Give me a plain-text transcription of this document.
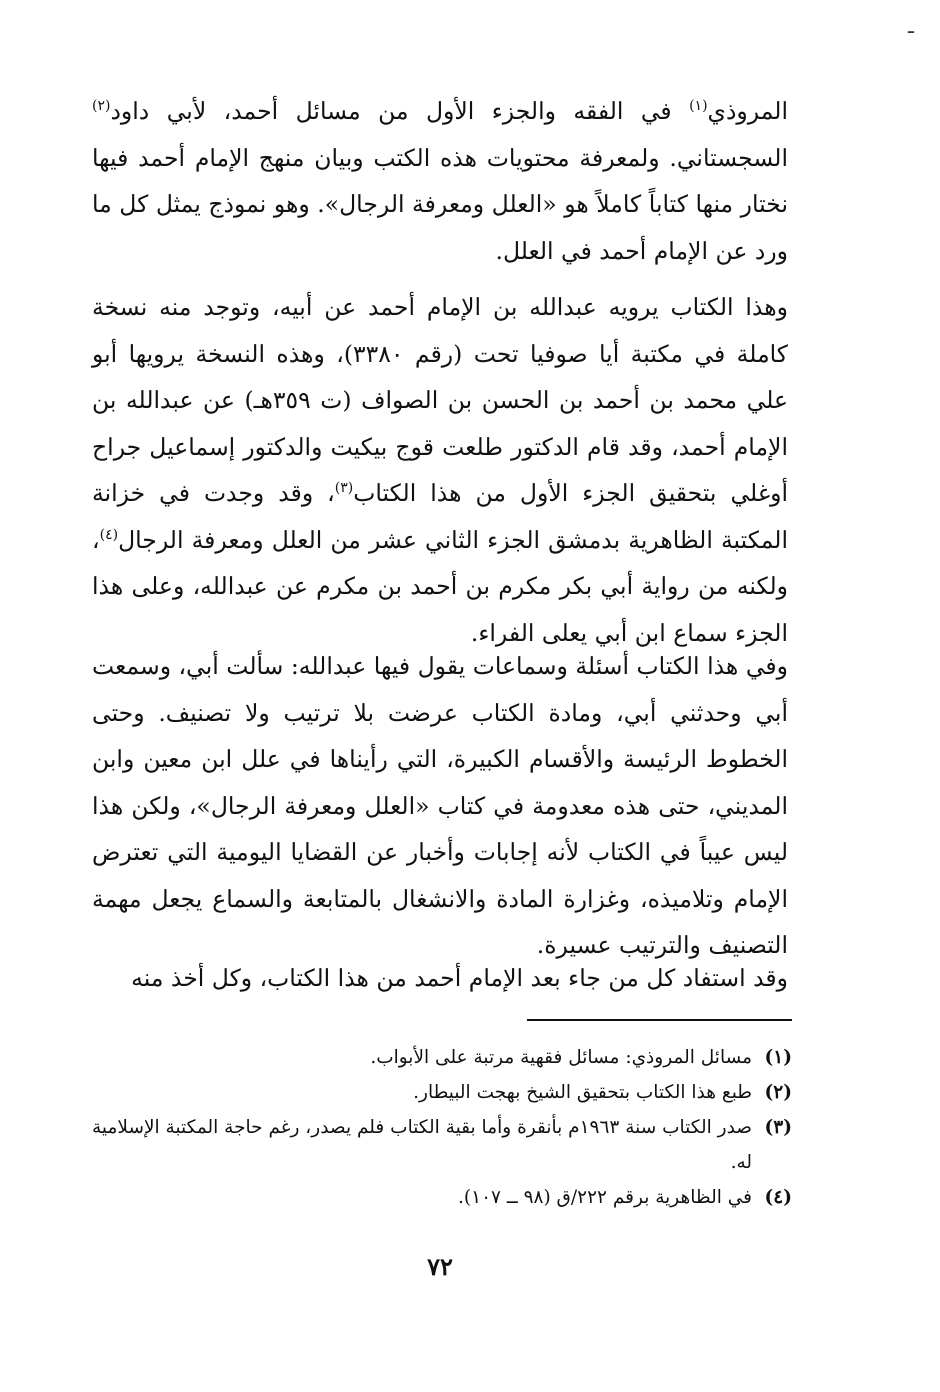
ـ

المروذي$^{(١)}$ في الفقه والجزء الأول من مسائل أحمد، لأبي داود$^{(٢)}$ السجستاني. ولمعرفة محتويات هذه الكتب وبيان منهج الإمام أحمد فيها نختار منها كتاباً كاملاً هو «العلل ومعرفة الرجال». وهو نموذج يمثل كل ما ورد عن الإمام أحمد في العلل.

وهذا الكتاب يرويه عبدالله بن الإمام أحمد عن أبيه، وتوجد منه نسخة كاملة في مكتبة أيا صوفيا تحت (رقم ٣٣٨٠)، وهذه النسخة يرويها أبو علي محمد بن أحمد بن الحسن بن الصواف (ت ٣٥٩هـ) عن عبدالله بن الإمام أحمد، وقد قام الدكتور طلعت قوج بيكيت والدكتور إسماعيل جراح أوغلي بتحقيق الجزء الأول من هذا الكتاب$^{(٣)}$، وقد وجدت في خزانة المكتبة الظاهرية بدمشق الجزء الثاني عشر من العلل ومعرفة الرجال$^{(٤)}$، ولكنه من رواية أبي بكر مكرم بن أحمد بن مكرم عن عبدالله، وعلى هذا الجزء سماع ابن أبي يعلى الفراء.

وفي هذا الكتاب أسئلة وسماعات يقول فيها عبدالله: سألت أبي، وسمعت أبي وحدثني أبي، ومادة الكتاب عرضت بلا ترتيب ولا تصنيف. وحتى الخطوط الرئيسة والأقسام الكبيرة، التي رأيناها في علل ابن معين وابن المديني، حتى هذه معدومة في كتاب «العلل ومعرفة الرجال»، ولكن هذا ليس عيباً في الكتاب لأنه إجابات وأخبار عن القضايا اليومية التي تعترض الإمام وتلاميذه، وغزارة المادة والانشغال بالمتابعة والسماع يجعل مهمة التصنيف والترتيب عسيرة.

وقد استفاد كل من جاء بعد الإمام أحمد من هذا الكتاب، وكل أخذ منه

(١)
مسائل المروذي: مسائل فقهية مرتبة على الأبواب.
(٢)
طبع هذا الكتاب بتحقيق الشيخ بهجت البيطار.
(٣)
صدر الكتاب سنة ١٩٦٣م بأنقرة وأما بقية الكتاب فلم يصدر، رغم حاجة المكتبة الإسلامية له.
(٤)
في الظاهرية برقم ٢٢٢/ق (٩٨ ــ ١٠٧).
٧٢
